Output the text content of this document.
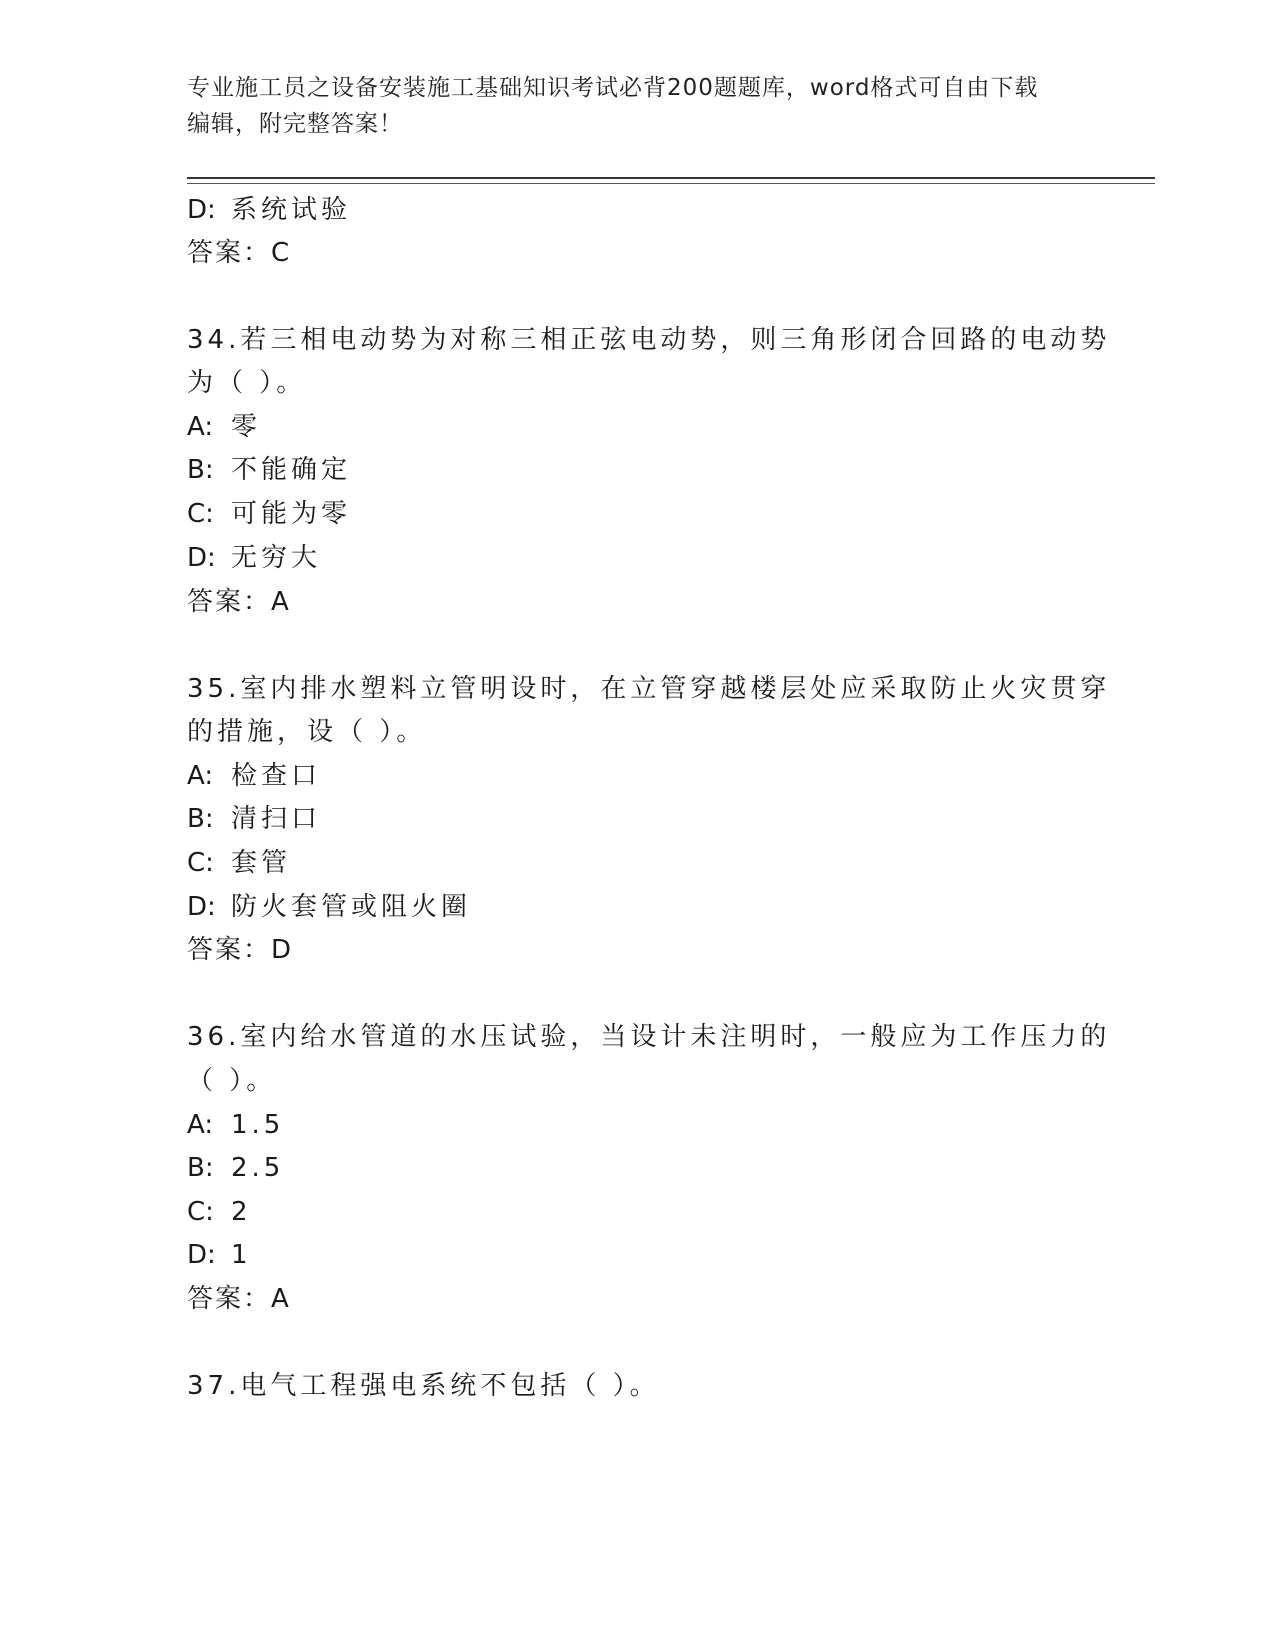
专业施工员之设备安装施工基础知识考试必背200题题库，word格式可自由下载
编辑，附完整答案！
D: 系统试验
答案：C
34.若三相电动势为对称三相正弦电动势，则三角形闭合回路的电动势
为（ ）。
A: 零
B: 不能确定
C: 可能为零
D: 无穷大
答案：A
35.室内排水塑料立管明设时，在立管穿越楼层处应采取防止火灾贯穿
的措施，设（ ）。
A: 检查口
B: 清扫口
C: 套管
D: 防火套管或阻火圈
答案：D
36.室内给水管道的水压试验，当设计未注明时，一般应为工作压力的
（ ）。
A: 1.5
B: 2.5
C: 2
D: 1
答案：A
37.电气工程强电系统不包括（ ）。
